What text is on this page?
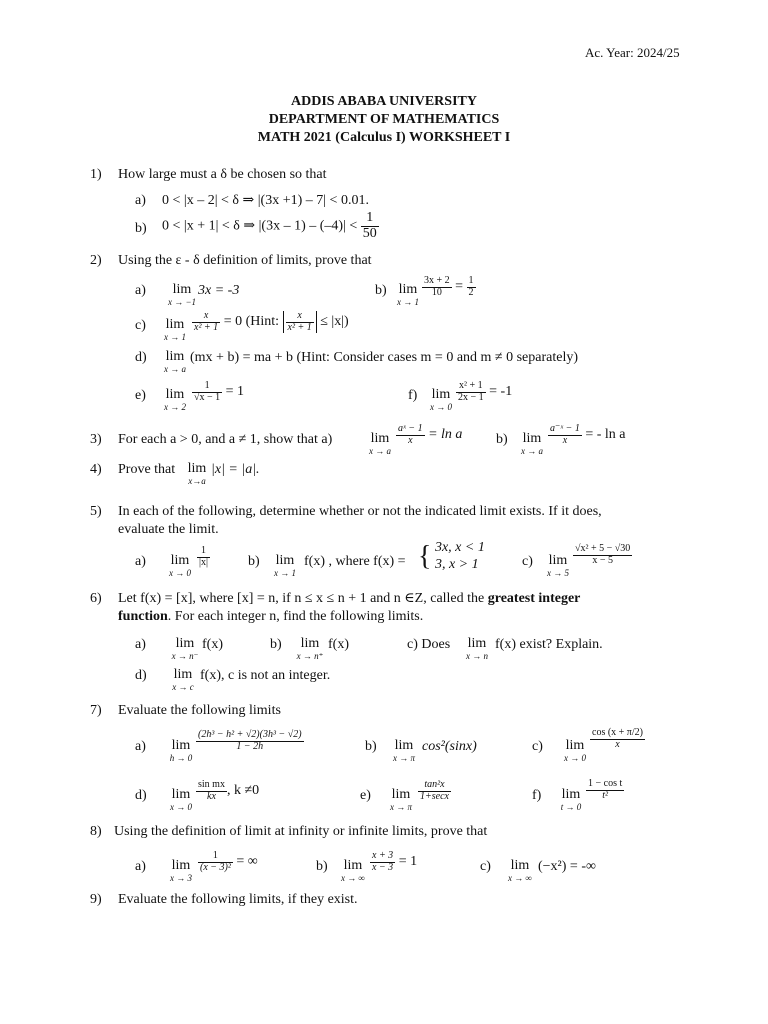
Ac. Year: 2024/25
ADDIS ABABA UNIVERSITY
DEPARTMENT OF MATHEMATICS
MATH 2021 (Calculus I) WORKSHEET I
1) How large must a δ be chosen so that
a) 0 < |x – 2| < δ ⇒ |(3x +1) – 7| < 0.01.
b) 0 < |x + 1| < δ ⇒ $|(3x - 1) - (-4)| < \frac{1}{50}$
2) Using the ε - δ definition of limits, prove that
a)	lim
x → −1
3x = -3	b) lim
x → 1
$\frac{3x + 2}{10} = \frac{1}{2}$
c)	lim
x → 1
$\frac{x}{\text{x² + 1}} = 0$ (Hint: $\frac{x}{\text{x² + 1}} \le |x|$)
d)	lim
x → a
(mx + b) = ma + b (Hint: Consider cases m = 0 and m ≠ 0 separately)
e)	lim
x → 2
$\frac{1}{√x - 1} = 1$	f)	lim
x → 0
$\frac{\text{x² + 1}}{2x - 1} = -1$
3) For each a > 0, and a ≠ 1, show that a)	lim
x → a
$\frac{\text{aˣ − 1}}{x} = \ln a$ b)	lim
x → a
$\frac{\text{a⁻ˣ − 1}}{x}$ = - ln a
4) Prove that lim
x→a
|x| = |a|.
5) In each of the following, determine whether or not the indicated limit exists. If it does,
evaluate the limit.
a)	lim
x → 0
$\frac{1}{|x|}$	b)	lim
x → 1
f(x) , where f(x) = { 3x, x < 1
3, x > 1	c)	lim
x → 5
$\frac{\text{√x² + 5 − √30}}{x - 5}$
6) Let f(x) = [x], where [x] = n, if n ≤ x ≤ n + 1 and n ∈Z, called the greatest integer
function. For each integer n, find the following limits.
a)	lim
x → n⁻
f(x)	b)	lim
x → n⁺
f(x)	c) Does	lim
x → n
f(x) exist? Explain.
d)	lim
x → c
f(x), c is not an integer.
7) Evaluate the following limits
a)	lim
h → 0
$\frac{\text{(2h³ − h² + √2)(3h³ − √2)}}{1 - 2h}$	b)	lim
x → π
cos²(sinx)	c)	lim
x → 0
$\frac{\cos (x + \pi/2)}{x}$
d)	lim
x → 0
$\frac{\text{sin mx}}{kx}$ , k ≠0	e)	lim
x → π
$\frac{\text{tan²x}}{1+\sec x}$	f)	lim
t → 0
$\frac{\text{1 − cos t}}{\text{t²}}$
8) Using the definition of limit at infinity or infinite limits, prove that
a)	lim
x → 3
$\frac{1}{\text{(x − 3)²}}$ = ∞	b)	lim
x → ∞
$\frac{x + 3}{x - 3} = 1$	c)	lim
x → ∞
(−x²) = -∞
9) Evaluate the following limits, if they exist.
